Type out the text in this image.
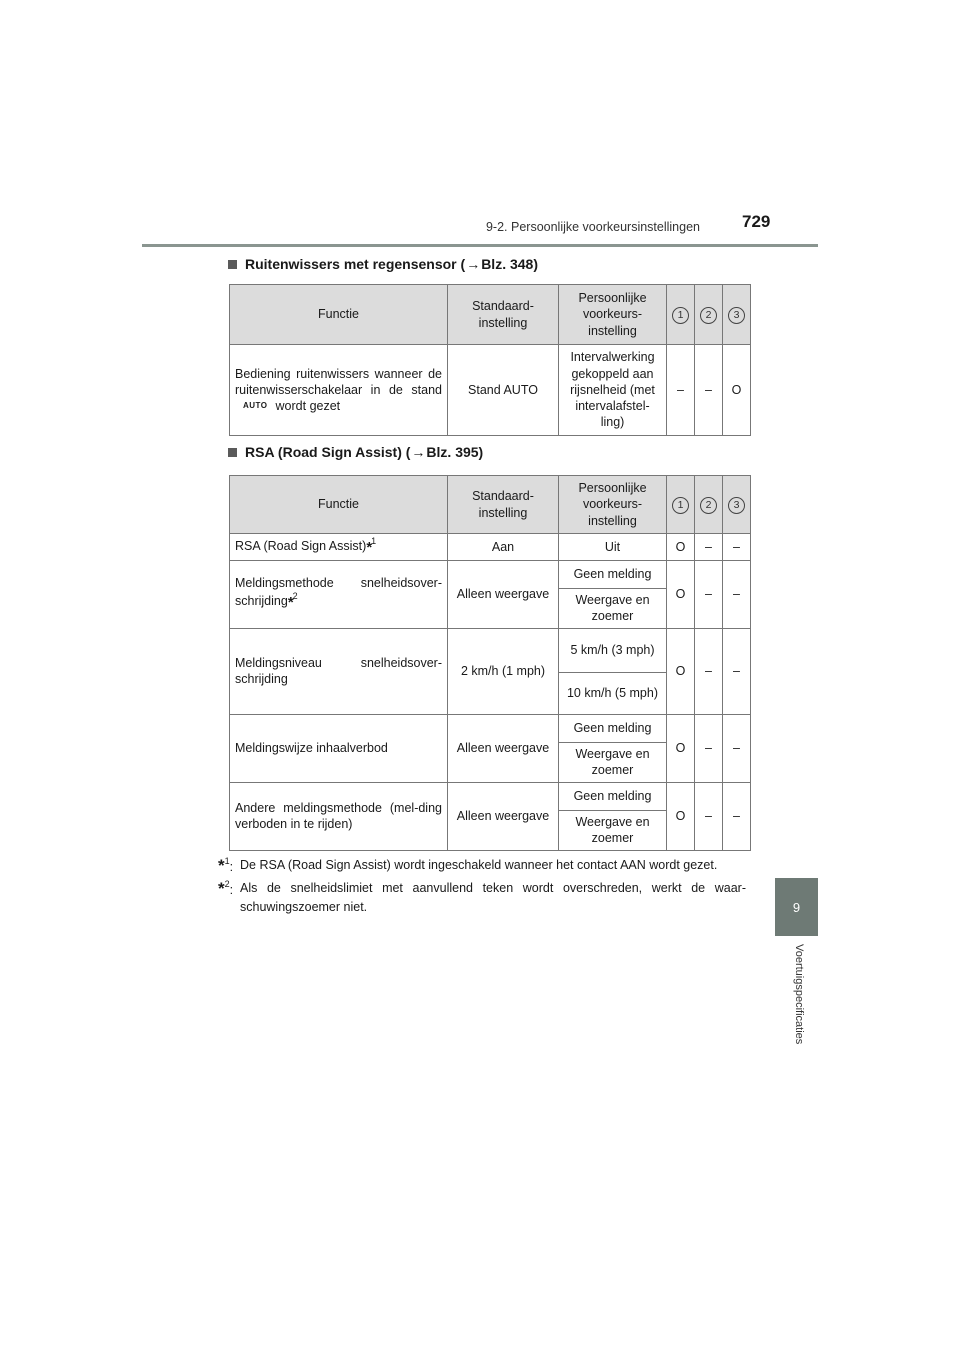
9-2. Persoonlijke voorkeursinstellingen 729
9
Voertuigspecificaties
Ruitenwissers met regensensor ( → Blz. 348)
Functie	Standaard-instelling	Persoonlijke voorkeurs-instelling	1	2	3
Bediening ruitenwissers wanneer de ruitenwisserschakelaar in de standAUTO wordt gezet	Stand AUTO	Intervalwerking gekoppeld aan rijsnelheid (met intervalafstel-ling)	–	–	O
RSA (Road Sign Assist) ( → Blz. 395)
Functie	Standaard-instelling	Persoonlijke voorkeurs-instelling	1	2	3
RSA (Road Sign Assist)$^{*1}$	Aan	Uit	O	–	–
Meldingsmethode snelheidsover-schrijding$^{*2}$	Alleen weergave	Geen melding	O	–	–
		Weergave en zoemer			
Meldingsniveau snelheidsover-schrijding	2 km/h (1 mph)	5 km/h (3 mph)	O	–	–
		10 km/h (5 mph)			
Meldingswijze inhaalverbod	Alleen weergave	Geen melding	O	–	–
		Weergave en zoemer			
Andere meldingsmethode (mel-ding verboden in te rijden)	Alleen weergave	Geen melding	O	–	–
		Weergave en zoemer			
*$^1$: De RSA (Road Sign Assist) wordt ingeschakeld wanneer het contact AAN wordt gezet.
*$^2$: Als de snelheidslimiet met aanvullend teken wordt overschreden, werkt de waar-schuwingszoemer niet.
